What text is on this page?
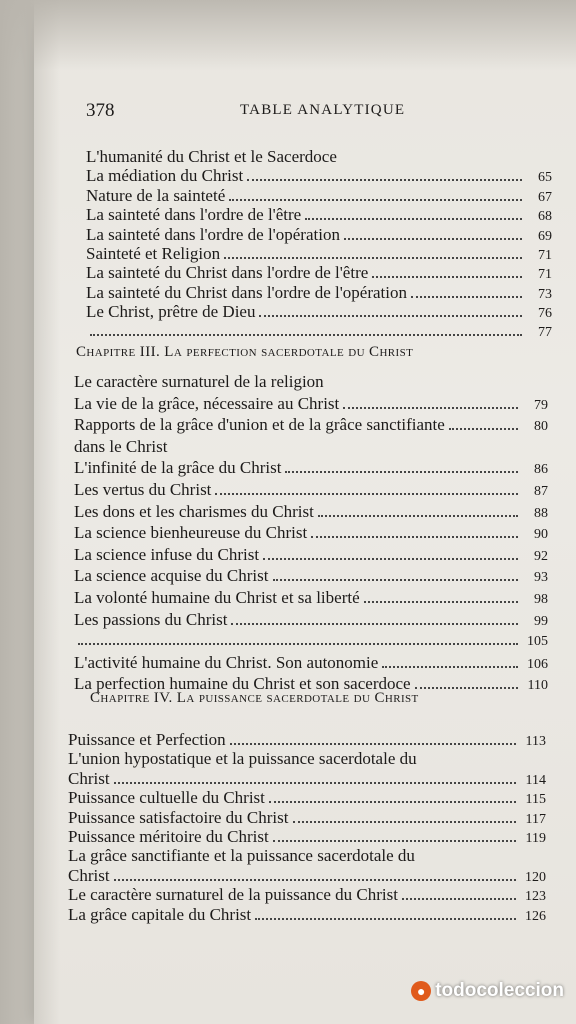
378	TABLE ANALYTIQUE
L'humanité du Christ et le Sacerdoce
La médiation du Christ	65
Nature de la sainteté	67
La sainteté dans l'ordre de l'être	68
La sainteté dans l'ordre de l'opération	69
Sainteté et Religion	71
La sainteté du Christ dans l'ordre de l'être	71
La sainteté du Christ dans l'ordre de l'opération	73
Le Christ, prêtre de Dieu	76
77
Le caractère surnaturel de la religion
La vie de la grâce, nécessaire au Christ	79
Rapports de la grâce d'union et de la grâce sanctifiante	80
dans le Christ
L'infinité de la grâce du Christ	86
Les vertus du Christ	87
Les dons et les charismes du Christ	88
La science bienheureuse du Christ	90
La science infuse du Christ	92
La science acquise du Christ	93
La volonté humaine du Christ et sa liberté	98
Les passions du Christ	99
105
L'activité humaine du Christ. Son autonomie	106
La perfection humaine du Christ et son sacerdoce	110
Puissance et Perfection	113
L'union hypostatique et la puissance sacerdotale du
Christ	114
Puissance cultuelle du Christ	115
Puissance satisfactoire du Christ	117
Puissance méritoire du Christ	119
La grâce sanctifiante et la puissance sacerdotale du
Christ	120
Le caractère surnaturel de la puissance du Christ	123
La grâce capitale du Christ	126
Chapitre III. La perfection sacerdotale du Christ
Chapitre IV. La puissance sacerdotale du Christ
● todocoleccion
